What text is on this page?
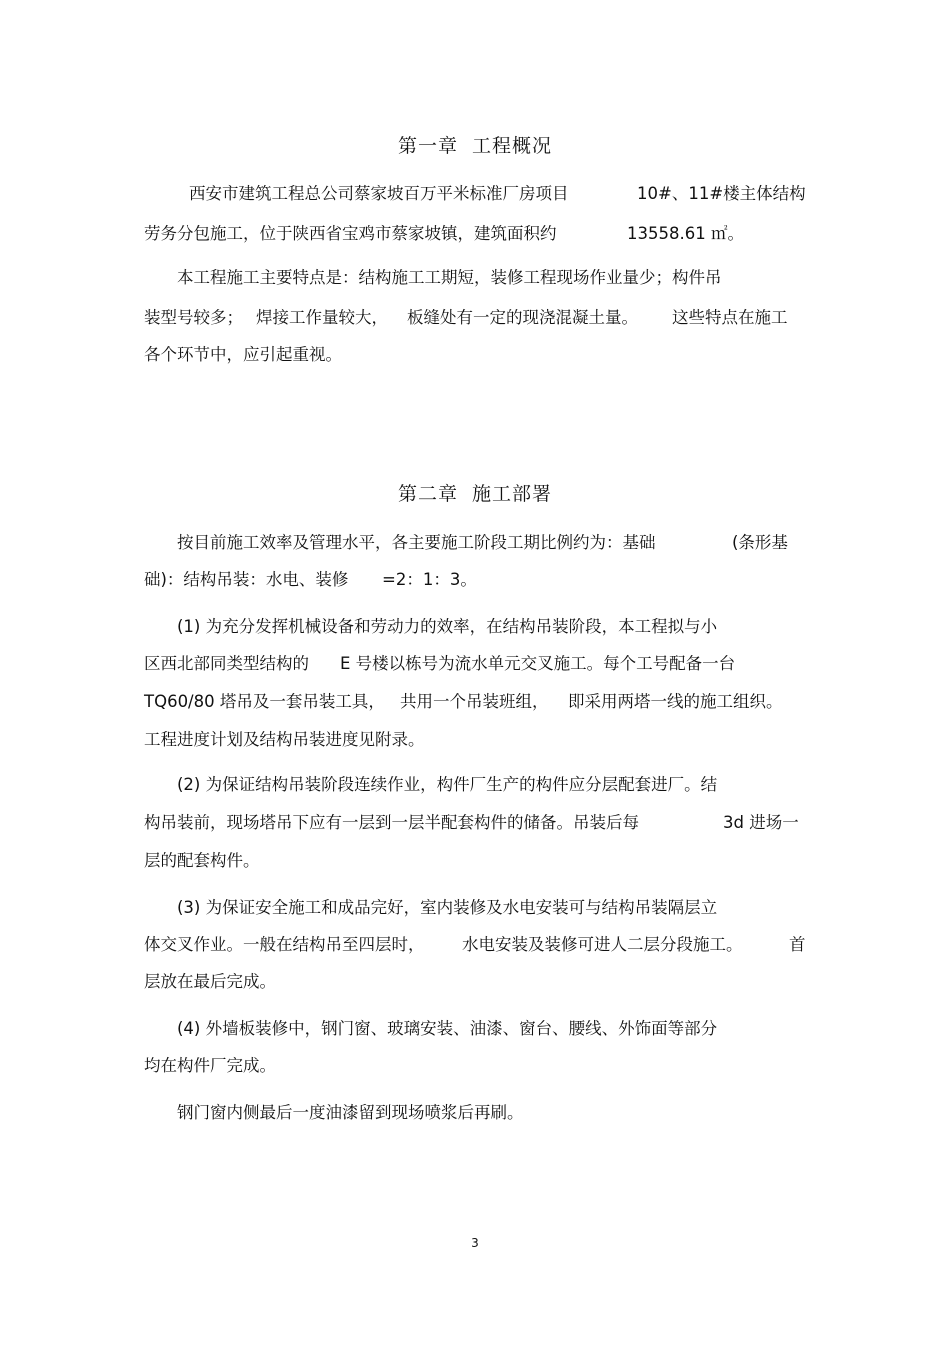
第一章 工程概况
西安市建筑工程总公司蔡家坡百万平米标准厂房项目	10#、11#楼主体结构
劳务分包施工，位于陕西省宝鸡市蔡家坡镇，建筑面积约	13558.61 ㎡。
本工程施工主要特点是：结构施工工期短，装修工程现场作业量少；构件吊
装型号较多； 焊接工作量较大， 板缝处有一定的现浇混凝土量。 这些特点在施工
各个环节中，应引起重视。
第二章 施工部署
按目前施工效率及管理水平，各主要施工阶段工期比例约为：基础	(条形基
础)：结构吊装：水电、装修 =2：1：3。
(1) 为充分发挥机械设备和劳动力的效率，在结构吊装阶段，本工程拟与小
区西北部同类型结构的 E 号楼以栋号为流水单元交叉施工。每个工号配备一台
TQ60/80 塔吊及一套吊装工具， 共用一个吊装班组， 即采用两塔一线的施工组织。
工程进度计划及结构吊装进度见附录。
(2) 为保证结构吊装阶段连续作业，构件厂生产的构件应分层配套进厂。结
构吊装前，现场塔吊下应有一层到一层半配套构件的储备。吊装后每	3d 进场一
层的配套构件。
(3) 为保证安全施工和成品完好，室内装修及水电安装可与结构吊装隔层立
体交叉作业。一般在结构吊至四层时， 水电安装及装修可进人二层分段施工。	首
层放在最后完成。
(4) 外墙板装修中，钢门窗、玻璃安装、油漆、窗台、腰线、外饰面等部分
均在构件厂完成。
钢门窗内侧最后一度油漆留到现场喷浆后再刷。
3
